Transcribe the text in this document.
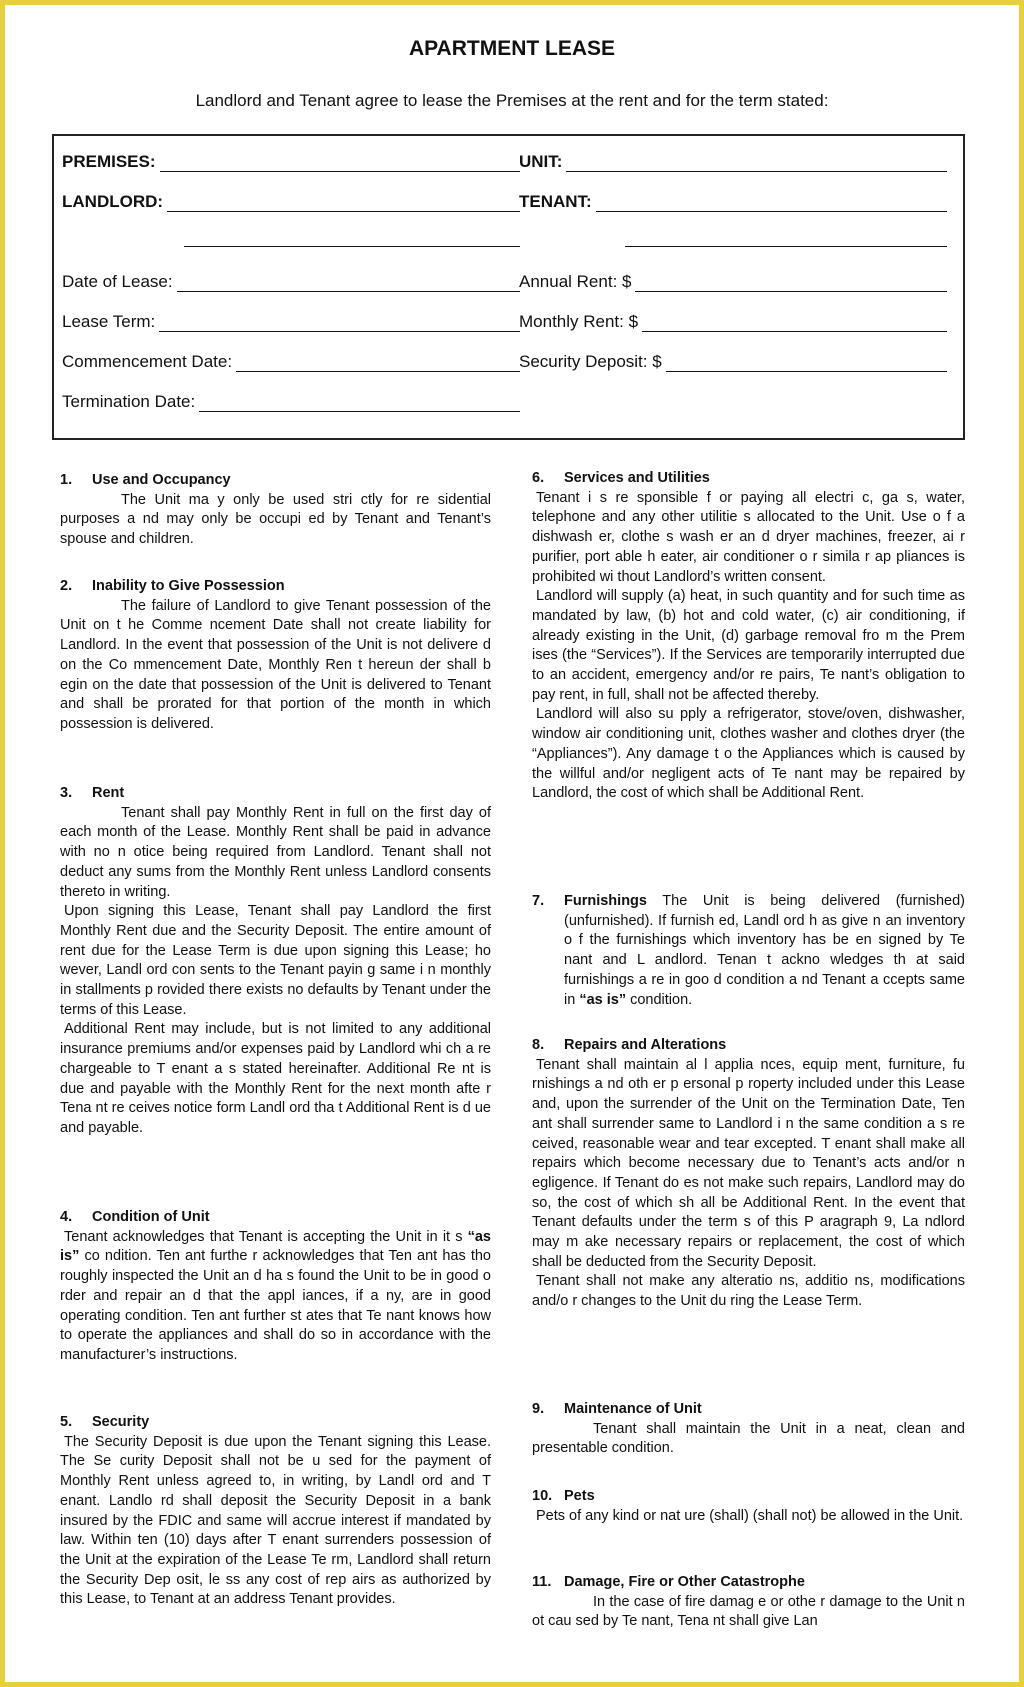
APARTMENT LEASE
Landlord and Tenant agree to lease the Premises at the rent and for the term stated:
PREMISES:	UNIT:
LANDLORD:	TENANT:
Date of Lease:	Annual Rent: $
Lease Term:	Monthly Rent: $
Commencement Date:	Security Deposit: $
Termination Date:
1. Use and Occupancy

The Unit ma y only be used stri ctly for re sidential purposes a nd may only be occupi ed by Tenant and Tenant’s spouse and children.

2. Inability to Give Possession

The failure of Landlord to give Tenant possession of the Unit on t he Comme ncement Date shall not create liability for Landlord. In the event that possession of the Unit is not delivere d on the Co mmencement Date, Monthly Ren t hereun der shall b egin on the date that possession of the Unit is delivered to Tenant and shall be prorated for that portion of the month in which possession is delivered.

3. Rent

Tenant shall pay Monthly Rent in full on the first day of each month of the Lease. Monthly Rent shall be paid in advance with no n otice being required from Landlord. Tenant shall not deduct any sums from the Monthly Rent unless Landlord consents thereto in writing.

Upon signing this Lease, Tenant shall pay Landlord the first Monthly Rent due and the Security Deposit. The entire amount of rent due for the Lease Term is due upon signing this Lease; ho wever, Landl ord con sents to the Tenant payin g same i n monthly in stallments p rovided there exists no defaults by Tenant under the terms of this Lease.

Additional Rent may include, but is not limited to any additional insurance premiums and/or expenses paid by Landlord whi ch a re chargeable to T enant a s stated hereinafter. Additional Re nt is due and payable with the Monthly Rent for the next month afte r Tena nt re ceives notice form Landl ord tha t Additional Rent is d ue and payable.

4. Condition of Unit

Tenant acknowledges that Tenant is accepting the Unit in it s “as is” co ndition. Ten ant furthe r acknowledges that Ten ant has tho roughly inspected the Unit an d ha s found the Unit to be in good o rder and repair an d that the appl iances, if a ny, are in good operating condition. Ten ant further st ates that Te nant knows how to operate the appliances and shall do so in accordance with the manufacturer’s instructions.

5. Security

The Security Deposit is due upon the Tenant signing this Lease. The Se curity Deposit shall not be u sed for the payment of Monthly Rent unless agreed to, in writing, by Landl ord and T enant. Landlo rd shall deposit the Security Deposit in a bank insured by the FDIC and same will accrue interest if mandated by law. Within ten (10) days after T enant surrenders possession of the Unit at the expiration of the Lease Te rm, Landlord shall return the Security Dep osit, le ss any cost of rep airs as authorized by this Lease, to Tenant at an address Tenant provides.

6. Services and Utilities

Tenant i s re sponsible f or paying all electri c, ga s, water, telephone and any other utilitie s allocated to the Unit. Use o f a dishwash er, clothe s wash er an d dryer machines, freezer, ai r purifier, port able h eater, air conditioner o r simila r ap pliances is prohibited wi thout Landlord’s written consent.

Landlord will supply (a) heat, in such quantity and for such time as mandated by law, (b) hot and cold water, (c) air conditioning, if already existing in the Unit, (d) garbage removal fro m the Prem ises (the “Services”). If the Services are temporarily interrupted due to an accident, emergency and/or re pairs, Te nant’s obligation to pay rent, in full, shall not be affected thereby.

Landlord will also su pply a refrigerator, stove/oven, dishwasher, window air conditioning unit, clothes washer and clothes dryer (the “Appliances”). Any damage t o the Appliances which is caused by the willful and/or negligent acts of Te nant may be repaired by Landlord, the cost of which shall be Additional Rent.

7.	Furnishings The Unit is being delivered (furnished) (unfurnished). If furnish ed, Landl ord h as give n an inventory o f the furnishings which inventory has be en signed by Te nant and L andlord. Tenan t ackno wledges th at said furnishings a re in goo d condition a nd Tenant a ccepts same in “as is” condition.
8. Repairs and Alterations

Tenant shall maintain al l applia nces, equip ment, furniture, fu rnishings a nd oth er p ersonal p roperty included under this Lease and, upon the surrender of the Unit on the Termination Date, Ten ant shall surrender same to Landlord i n the same condition a s re ceived, reasonable wear and tear excepted. T enant shall make all repairs which become necessary due to Tenant’s acts and/or n egligence. If Tenant do es not make such repairs, Landlord may do so, the cost of which sh all be Additional Rent. In the event that Tenant defaults under the term s of this P aragraph 9, La ndlord may m ake necessary repairs or replacement, the cost of which shall be deducted from the Security Deposit.

Tenant shall not make any alteratio ns, additio ns, modifications and/o r changes to the Unit du ring the Lease Term.

9. Maintenance of Unit

Tenant shall maintain the Unit in a neat, clean and presentable condition.

10. Pets

Pets of any kind or nat ure (shall) (shall not) be allowed in the Unit.

11. Damage, Fire or Other Catastrophe

In the case of fire damag e or othe r damage to the Unit n ot cau sed by Te nant, Tena nt shall give Lan
